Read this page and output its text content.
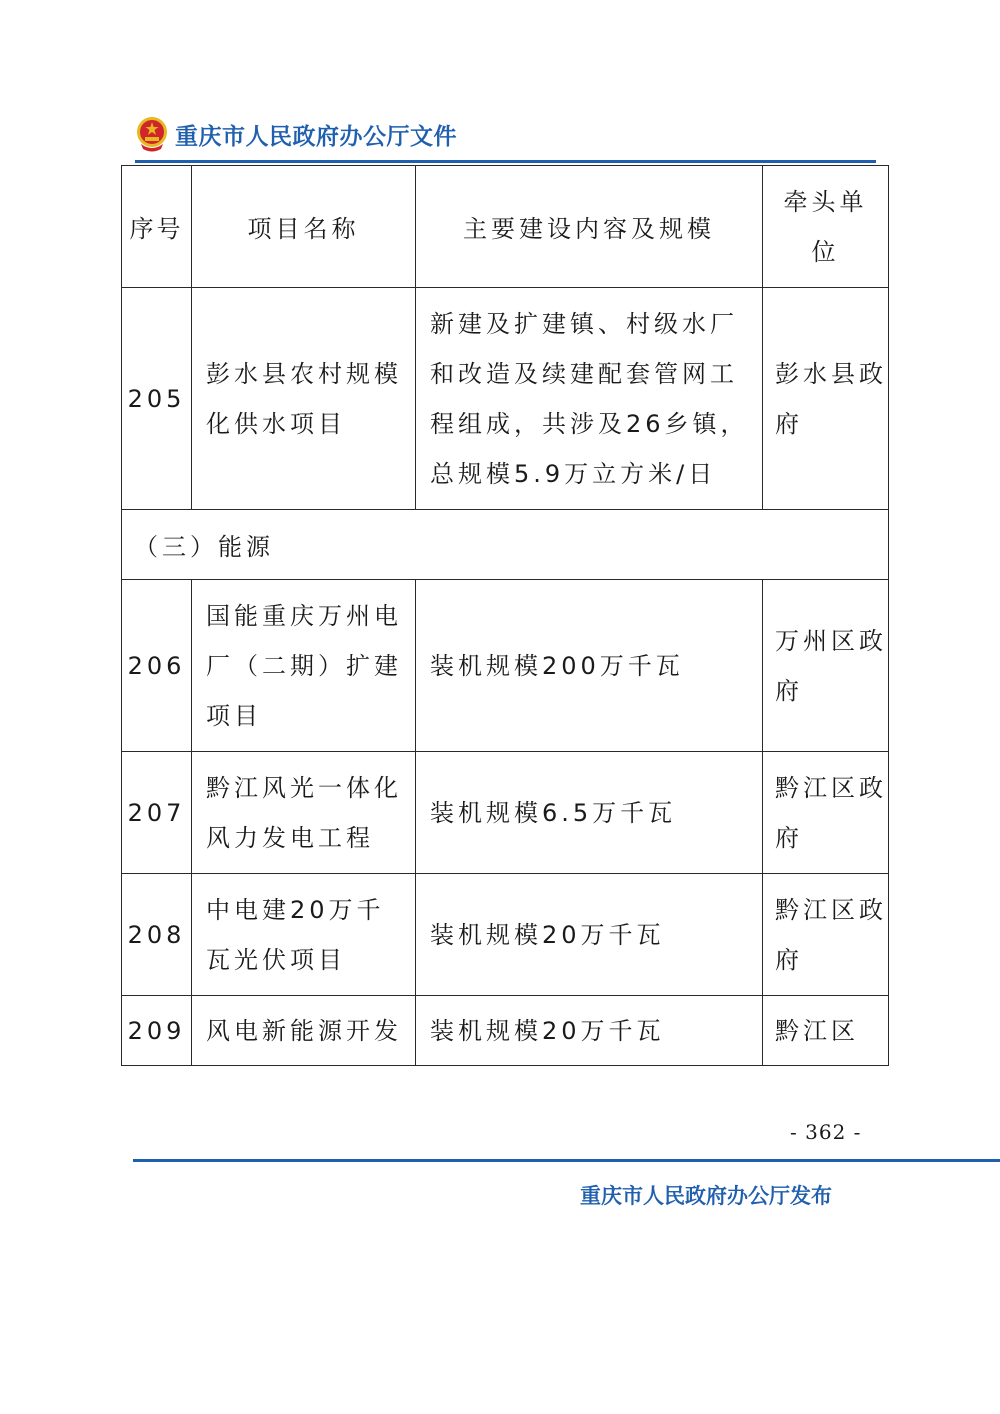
重庆市人民政府办公厅文件
序号	项目名称	主要建设内容及规模	牵头单位
205	彭水县农村规模化供水项目	新建及扩建镇、村级水厂和改造及续建配套管网工程组成，共涉及26乡镇，总规模5.9万立方米/日	彭水县政府
（三）能源			
206	国能重庆万州电厂（二期）扩建项目	装机规模200万千瓦	万州区政府
207	黔江风光一体化风力发电工程	装机规模6.5万千瓦	黔江区政府
208	中电建20万千瓦光伏项目	装机规模20万千瓦	黔江区政府
209	风电新能源开发	装机规模20万千瓦	黔江区
- 362 -
重庆市人民政府办公厅发布
